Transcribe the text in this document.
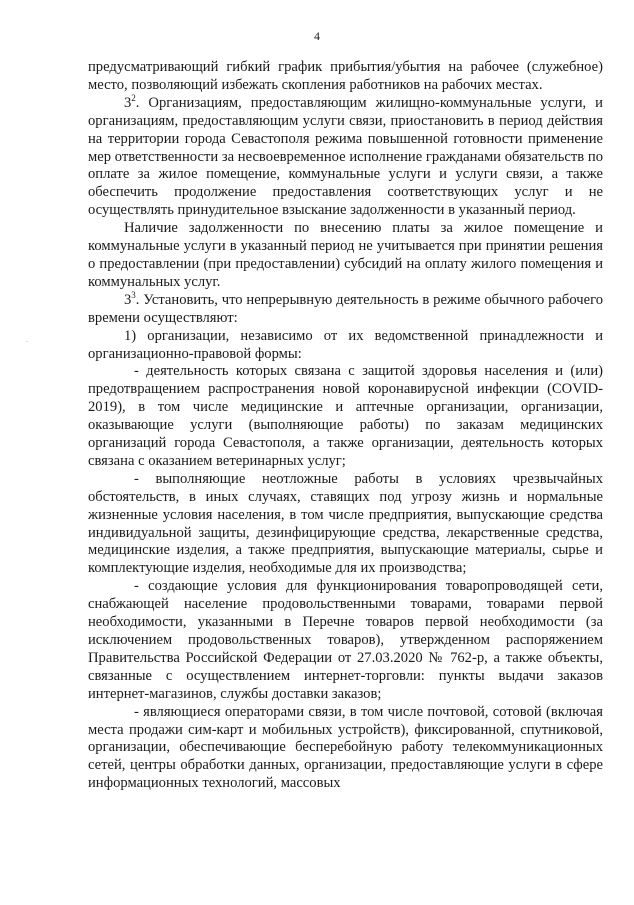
4
·

предусматривающий гибкий график прибытия/убытия на рабочее (служебное) место, позволяющий избежать скопления работников на рабочих местах.

$3^2$. Организациям, предоставляющим жилищно-коммунальные услуги, и организациям, предоставляющим услуги связи, приостановить в период действия на территории города Севастополя режима повышенной готовности применение мер ответственности за несвоевременное исполнение гражданами обязательств по оплате за жилое помещение, коммунальные услуги и услуги связи, а также обеспечить продолжение предоставления соответствующих услуг и не осуществлять принудительное взыскание задолженности в указанный период.

Наличие задолженности по внесению платы за жилое помещение и коммунальные услуги в указанный период не учитывается при принятии решения о предоставлении (при предоставлении) субсидий на оплату жилого помещения и коммунальных услуг.

$3^3$. Установить, что непрерывную деятельность в режиме обычного рабочего времени осуществляют:

1) организации, независимо от их ведомственной принадлежности и организационно-правовой формы:

- деятельность которых связана с защитой здоровья населения и (или) предотвращением распространения новой коронавирусной инфекции (COVID-2019), в том числе медицинские и аптечные организации, организации, оказывающие услуги (выполняющие работы) по заказам медицинских организаций города Севастополя, а также организации, деятельность которых связана с оказанием ветеринарных услуг;

- выполняющие неотложные работы в условиях чрезвычайных обстоятельств, в иных случаях, ставящих под угрозу жизнь и нормальные жизненные условия населения, в том числе предприятия, выпускающие средства индивидуальной защиты, дезинфицирующие средства, лекарственные средства, медицинские изделия, а также предприятия, выпускающие материалы, сырье и комплектующие изделия, необходимые для их производства;

- создающие условия для функционирования товаропроводящей сети, снабжающей население продовольственными товарами, товарами первой необходимости, указанными в Перечне товаров первой необходимости (за исключением продовольственных товаров), утвержденном распоряжением Правительства Российской Федерации от 27.03.2020 № 762-р, а также объекты, связанные с осуществлением интернет-торговли: пункты выдачи заказов интернет-магазинов, службы доставки заказов;

- являющиеся операторами связи, в том числе почтовой, сотовой (включая места продажи сим-карт и мобильных устройств), фиксированной, спутниковой, организации, обеспечивающие бесперебойную работу телекоммуникационных сетей, центры обработки данных, организации, предоставляющие услуги в сфере информационных технологий, массовых
